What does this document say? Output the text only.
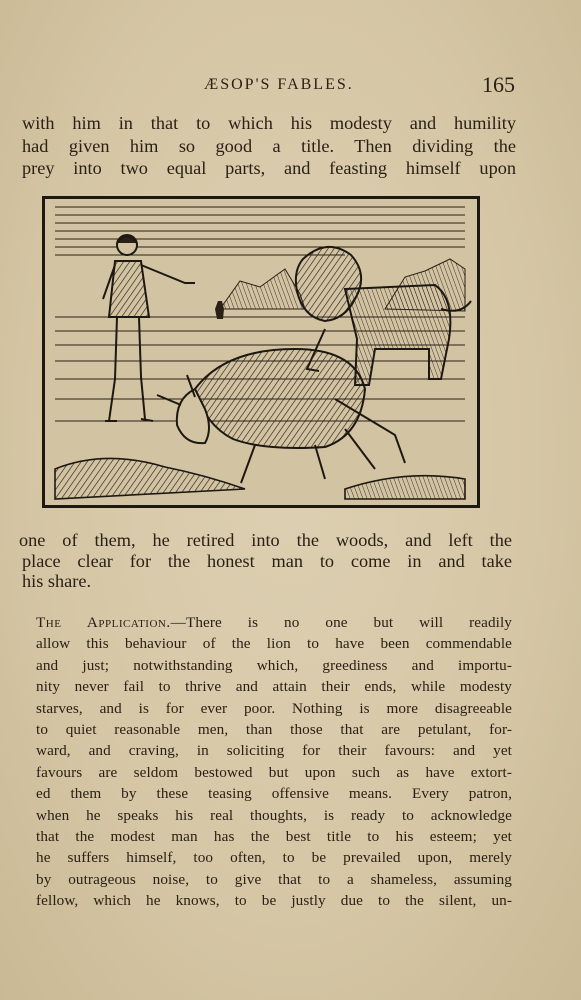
ÆSOP'S FABLES.	165
with him in that to which his modesty and humility
had given him so good a title. Then dividing the
prey into two equal parts, and feasting himself upon
one of them, he retired into the woods, and left the
place clear for the honest man to come in and take
his share.
The Application.—There is no one but will readily
allow this behaviour of the lion to have been commendable
and just; notwithstanding which, greediness and importu-
nity never fail to thrive and attain their ends, while modesty
starves, and is for ever poor. Nothing is more disagreeable
to quiet reasonable men, than those that are petulant, for-
ward, and craving, in soliciting for their favours: and yet
favours are seldom bestowed but upon such as have extort-
ed them by these teasing offensive means. Every patron,
when he speaks his real thoughts, is ready to acknowledge
that the modest man has the best title to his esteem; yet
he suffers himself, too often, to be prevailed upon, merely
by outrageous noise, to give that to a shameless, assuming
fellow, which he knows, to be justly due to the silent, un-
